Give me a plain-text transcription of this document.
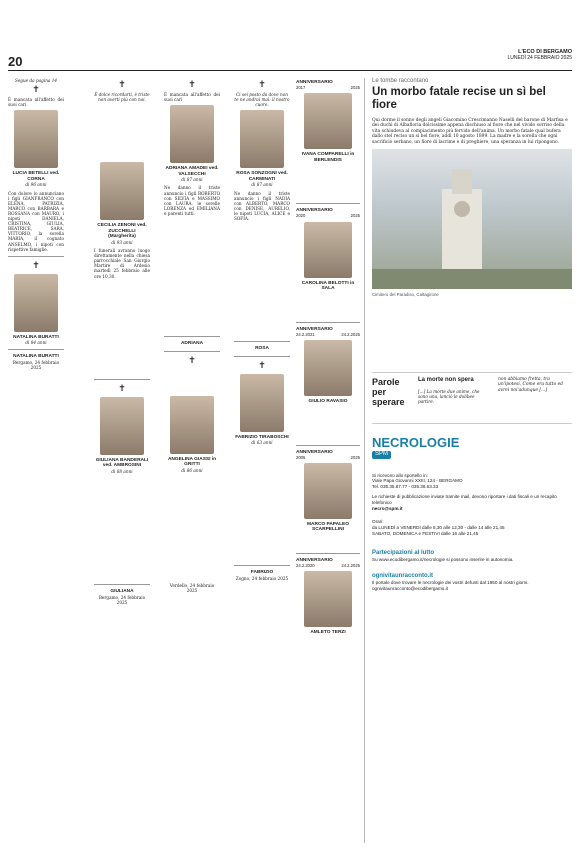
20
L'ECO DI BERGAMO
LUNEDÌ 24 FEBBRAIO 2025
Segue da pagina 14
✝
È mancata all'affetto dei suoi cari
LUCIA BETELLI ved. CORNA
di 96 anni
Con dolore lo annunciano i figli GIANFRANCO con ELENA, PATRIZIA, MARCO con BARBARA e ROSSANA con MAURO, i nipoti DANIELA, CRISTINA, GIULIA, BEATRICE, SARA, VITTORIO, la sorella MARIA, il cognato ANSELMO, i nipoti con rispettive famiglie.
✝
NATALINA BURATTI
di 84 anni
NATALINA BURATTI
Bergamo, 24 febbraio 2025
✝
È dolce ricordarti, è triste non averti più con noi.
CECILIA ZENONI ved. ZUCCHELLI (Margherita)
di 93 anni
I funerali avranno luogo direttamente nella chiesa parrocchiale San Giorgio Martire di Ardesio martedì 25 febbraio alle ore 10,30.
✝
GIULIANA BANDERALI ved. AMBROSINI
di 88 anni
GIULIANA
Bergamo, 24 febbraio 2025
✝
È mancata all'affetto dei suoi cari
ADRIANA AMADEI ved. VALSECCHI
di 87 anni
Ne danno il triste annuncio i figli ROBERTO con SILVIA e MASSIMO con LAURA, le sorelle LORENZA ed EMILIANA e parenti tutti.
ADRIANA
✝
ANGELINA GIASSI in GRITTI
di 86 anni
Verdello, 24 febbraio 2025
✝
Ci sei posto da dove non te ne andrai mai: il nostro cuore.
ROSA SONZOGNI ved. CARMINATI
di 87 anni
Ne danno il triste annuncio i figli NADIA con ALBERTO, MARCO con DENISE, AURELIO, le nipoti LUCIA, ALICE e SOFIA.
ROSA
✝
FABRIZIO TIRABOSCHI
di 63 anni
FABRIZIO
Zogno, 24 febbraio 2025
ANNIVERSARIO
2017	2025
IVANA COMPARELLI in BERLENDIS
ANNIVERSARIO
2020	2025
CAROLINA BELOTTI in SALA
ANNIVERSARIO
24.2.2021	24.2.2025
GIULIO RAVASIO
ANNIVERSARIO
2005	2025
MARCO PAPALEO SCARPELLINI
ANNIVERSARIO
24.2.2020	24.2.2025
AMLETO TERZI
Le tombe raccontano
Un morbo fatale recise un sì bel fiore
Qui dorme il sonno degli angeli Giacomino Crescimanno Naselli del barone di Marfisa e dei duchi di Albafloria dolcissime appena dischiuso al fiore che nel vivido sorriso della vita schiudeva al compiacimento più fervido dell'anima. Un morbo fatale qual bufera dallo stel reciso un sì bel fiore, addì 10 agosto 1899. La madre e la sorella che ogni sacrificio serbano, un fiore di lacrime e di preghiere, una speranza in lui ripongono.
Cimitero del Paradiso, Caltagirone
Parole per sperare
La morte non spera
[...] La morte due anime, che sono una, lanciò le dolibee partire.
non abbiamo fretta, tra un'ipotesi, Come era tutto ed avrei noi'adunque [...]
NECROLOGIE
SPM
Si ricevono allo sportello in:
Viale Papa Giovanni XXIII, 124 - BERGAMO
Tel. 035.35.87.77 - 035.38.63.33
Le richieste di pubblicazione inviate tramite mail, devono riportare i dati fiscali e un recapito telefonico
necro@spm.it
Orari:
da LUNEDÌ a VENERDÌ dalle 8,30 alle 12,30 - dalle 14 alle 21,45
SABATO, DOMENICA e FESTIVI dalle 16 alle 21,45
Partecipazioni al lutto
Su www.ecodibergamo.it/necrologie si possono inserire in autonomia.
ognivitaunracconto.it
Il portale dove trovare le necrologie dei vostri defunti dal 1950 al nostri giorni.
ognivitaunracconto@ecodibergamo.it
